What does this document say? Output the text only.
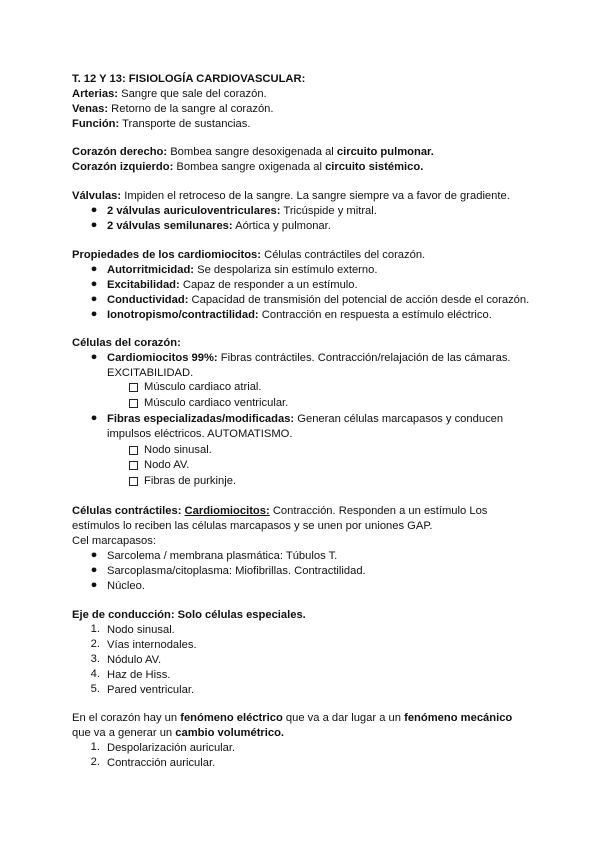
T. 12 Y 13: FISIOLOGÍA CARDIOVASCULAR:
Arterias: Sangre que sale del corazón.
Venas: Retorno de la sangre al corazón.
Función: Transporte de sustancias.
Corazón derecho: Bombea sangre desoxigenada al circuito pulmonar.
Corazón izquierdo: Bombea sangre oxigenada al circuito sistémico.
Válvulas: Impiden el retroceso de la sangre. La sangre siempre va a favor de gradiente.
● 2 válvulas auriculoventriculares: Tricúspide y mitral.
● 2 válvulas semilunares: Aórtica y pulmonar.
Propiedades de los cardiomiocitos: Células contráctiles del corazón.
● Autorritmicidad: Se despolariza sin estímulo externo.
● Excitabilidad: Capaz de responder a un estímulo.
● Conductividad: Capacidad de transmisión del potencial de acción desde el corazón.
● Ionotropismo/contractilidad: Contracción en respuesta a estímulo eléctrico.
Células del corazón:
● Cardiomiocitos 99%: Fibras contráctiles. Contracción/relajación de las cámaras.
EXCITABILIDAD.
Músculo cardiaco atrial.
Músculo cardiaco ventricular.
● Fibras especializadas/modificadas: Generan células marcapasos y conducen
impulsos eléctricos. AUTOMATISMO.
Nodo sinusal.
Nodo AV.
Fibras de purkinje.
Células contráctiles: Cardiomiocitos: Contracción. Responden a un estímulo Los
estímulos lo reciben las células marcapasos y se unen por uniones GAP.
Cel marcapasos:
● Sarcolema / membrana plasmática: Túbulos T.
● Sarcoplasma/citoplasma: Miofibrillas. Contractilidad.
● Núcleo.
Eje de conducción: Solo células especiales.
1. Nodo sinusal.
2. Vías internodales.
3. Nódulo AV.
4. Haz de Hiss.
5. Pared ventricular.
En el corazón hay un fenómeno eléctrico que va a dar lugar a un fenómeno mecánico
que va a generar un cambio volumétrico.
1. Despolarización auricular.
2. Contracción auricular.
